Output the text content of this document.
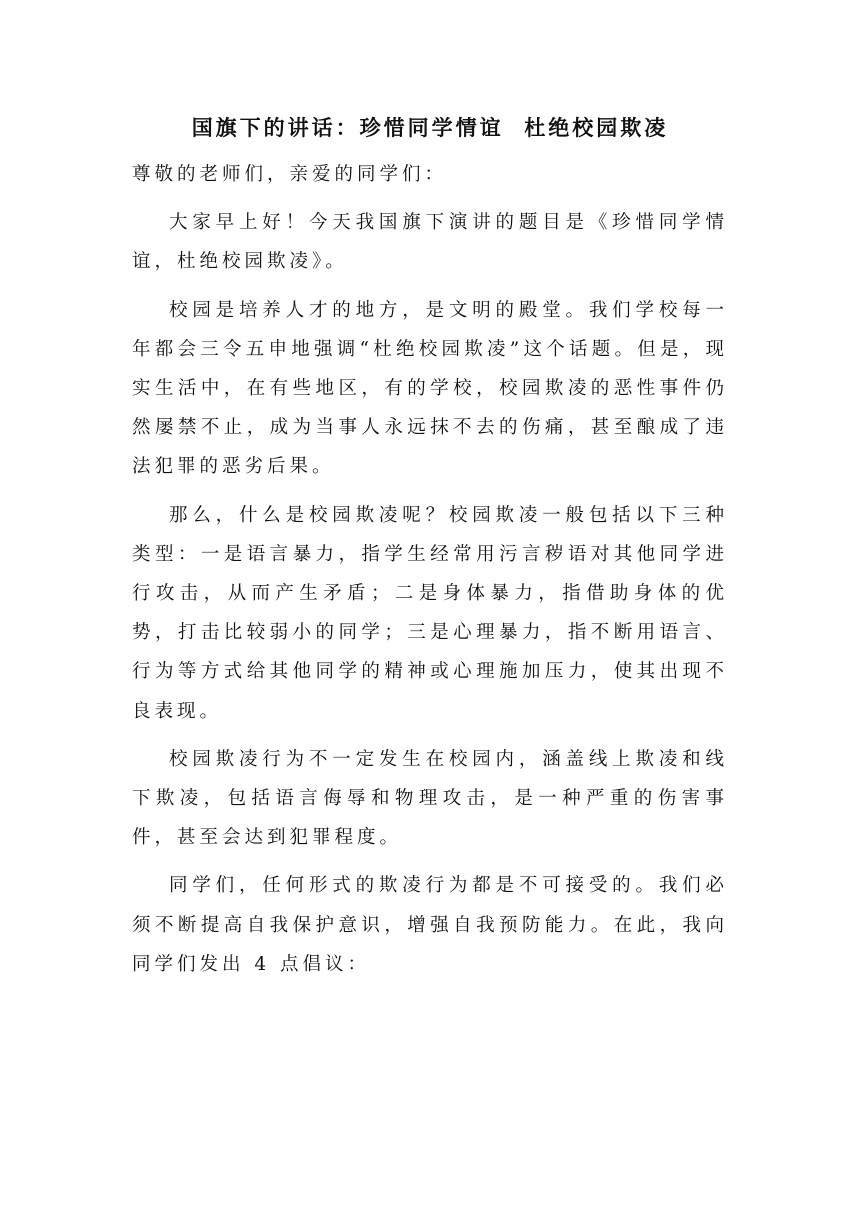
国旗下的讲话：珍惜同学情谊  杜绝校园欺凌

尊敬的老师们，亲爱的同学们：

大家早上好！今天我国旗下演讲的题目是《珍惜同学情谊，杜绝校园欺凌》。

校园是培养人才的地方，是文明的殿堂。我们学校每一年都会三令五申地强调“杜绝校园欺凌”这个话题。但是，现实生活中，在有些地区，有的学校，校园欺凌的恶性事件仍然屡禁不止，成为当事人永远抹不去的伤痛，甚至酿成了违法犯罪的恶劣后果。

那么，什么是校园欺凌呢？校园欺凌一般包括以下三种类型：一是语言暴力，指学生经常用污言秽语对其他同学进行攻击，从而产生矛盾；二是身体暴力，指借助身体的优势，打击比较弱小的同学；三是心理暴力，指不断用语言、行为等方式给其他同学的精神或心理施加压力，使其出现不良表现。

校园欺凌行为不一定发生在校园内，涵盖线上欺凌和线下欺凌，包括语言侮辱和物理攻击，是一种严重的伤害事件，甚至会达到犯罪程度。

同学们，任何形式的欺凌行为都是不可接受的。我们必须不断提高自我保护意识，增强自我预防能力。在此，我向同学们发出 4 点倡议：
